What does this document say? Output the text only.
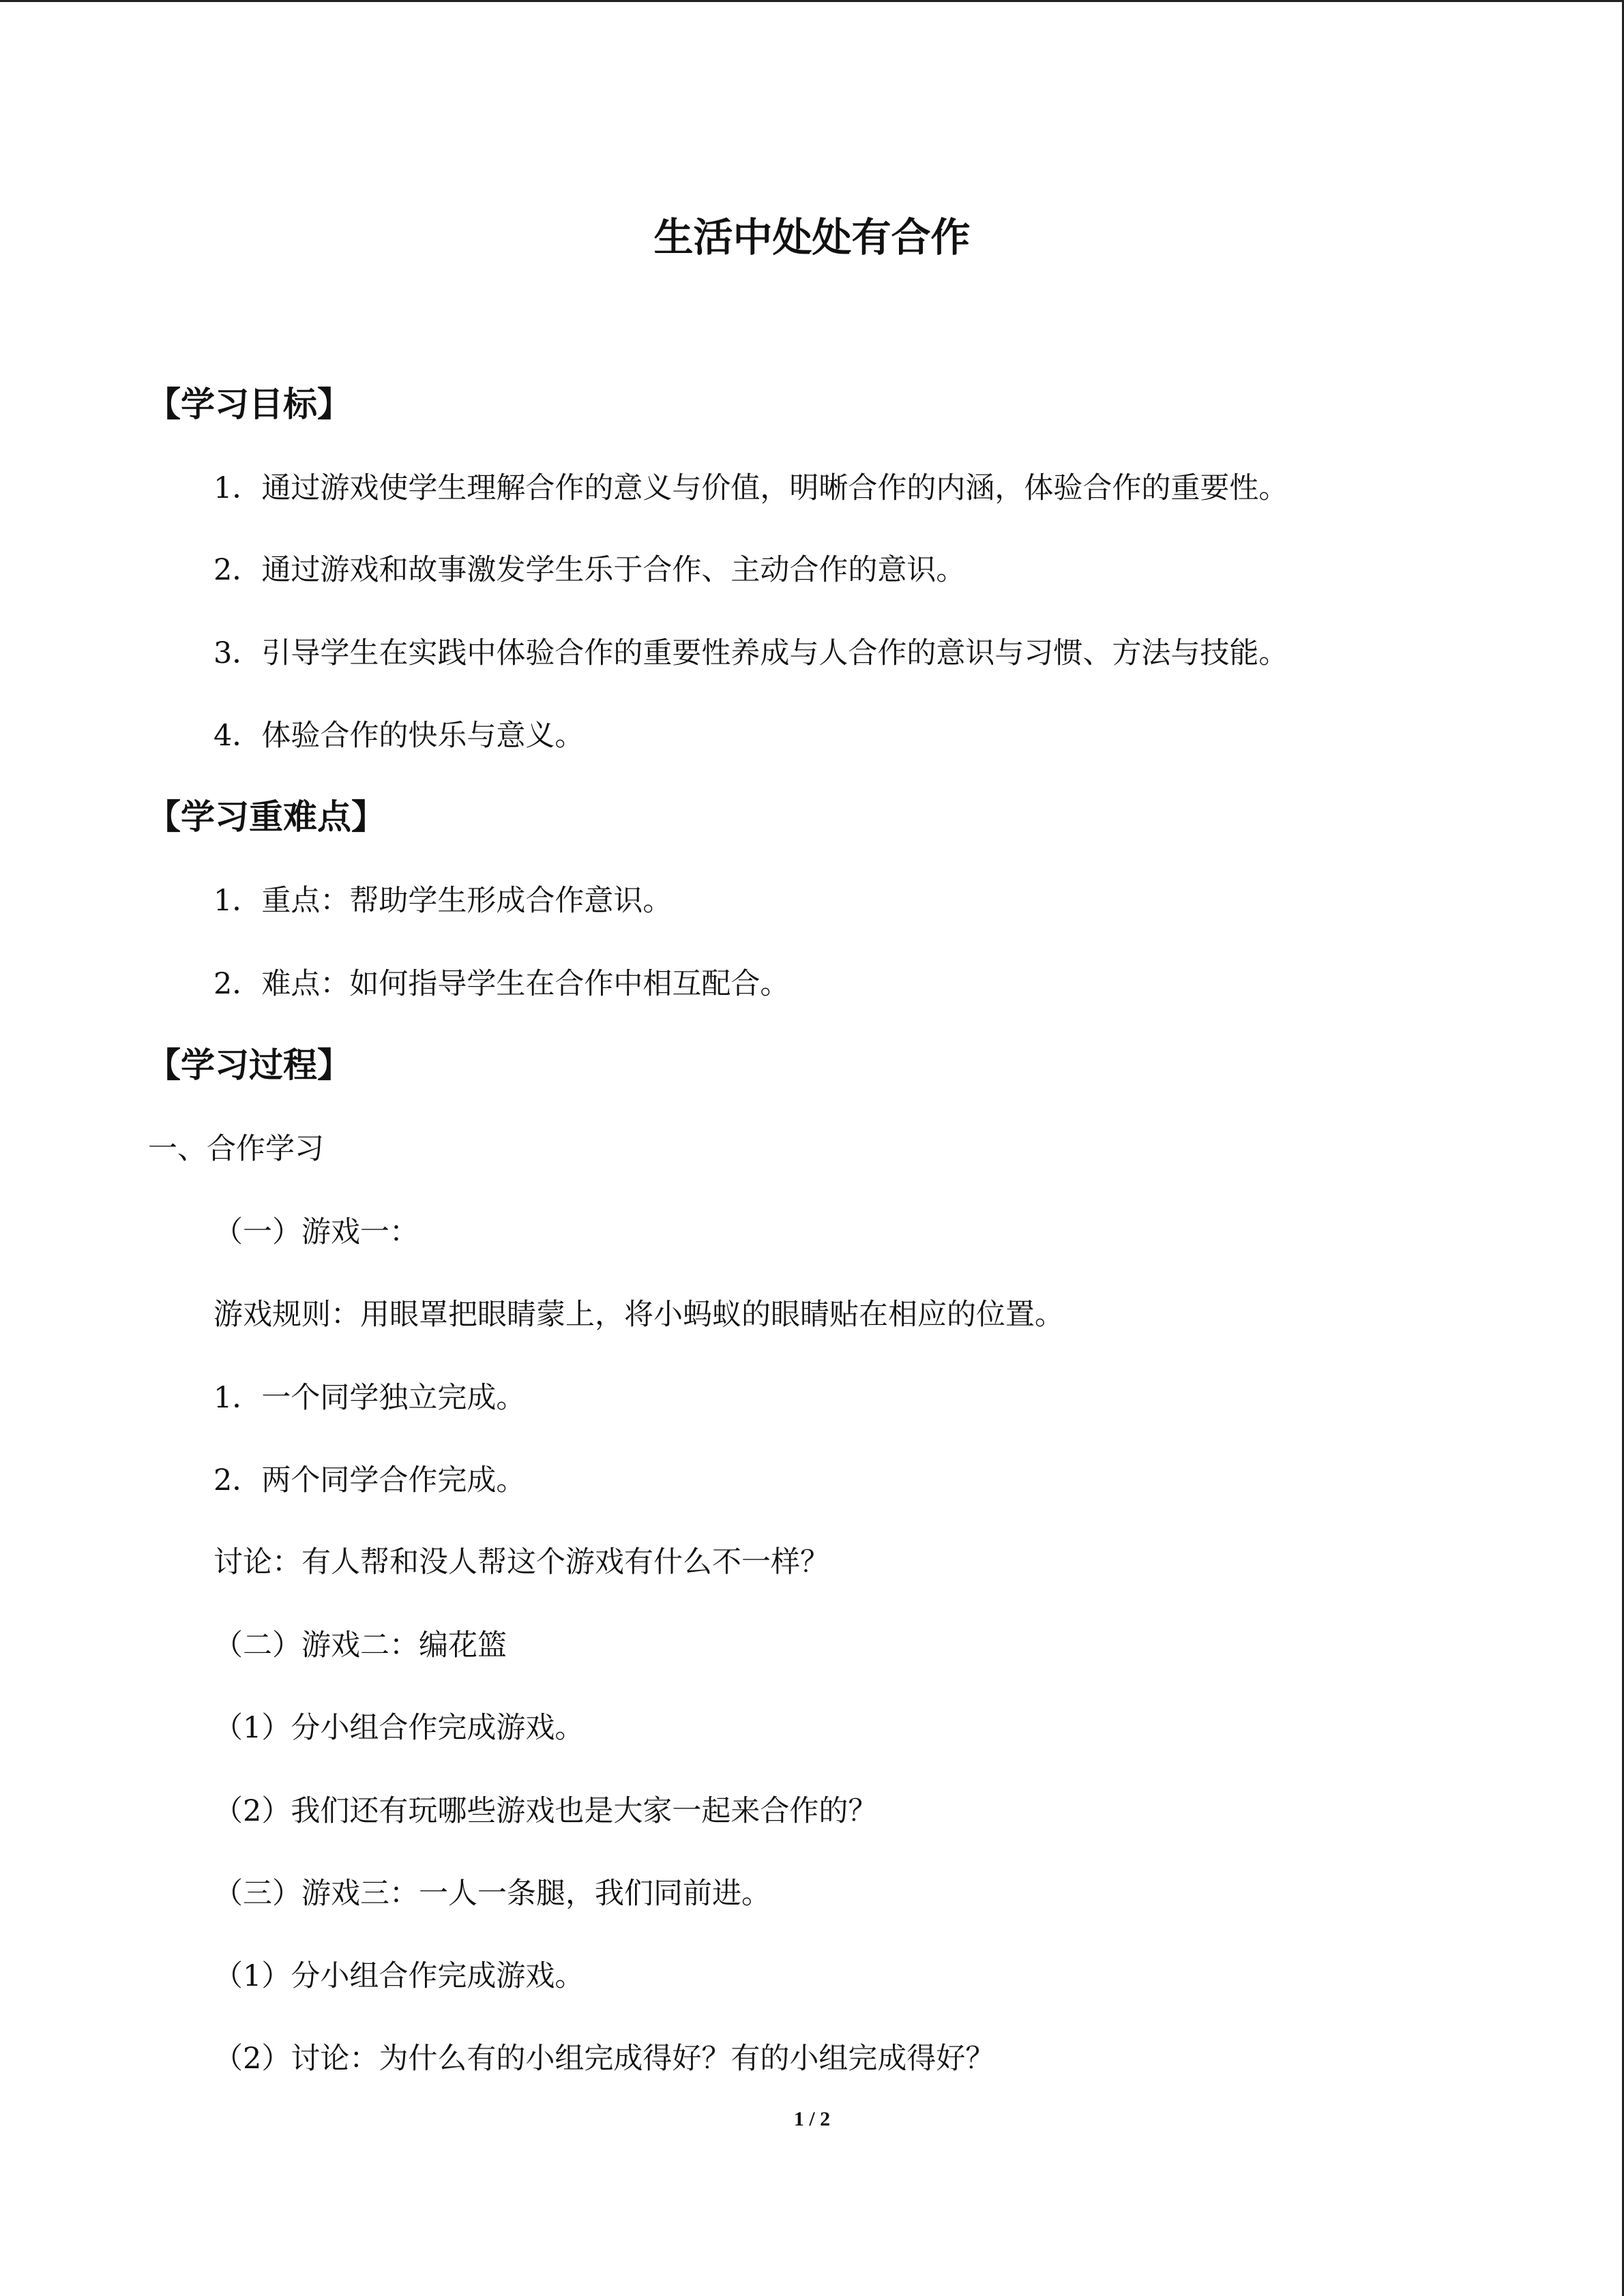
生活中处处有合作
【学习目标】

1．通过游戏使学生理解合作的意义与价值，明晰合作的内涵，体验合作的重要性。

2．通过游戏和故事激发学生乐于合作、主动合作的意识。

3．引导学生在实践中体验合作的重要性养成与人合作的意识与习惯、方法与技能。

4．体验合作的快乐与意义。

【学习重难点】

1．重点：帮助学生形成合作意识。

2．难点：如何指导学生在合作中相互配合。

【学习过程】

一、合作学习

（一）游戏一：

游戏规则：用眼罩把眼睛蒙上，将小蚂蚁的眼睛贴在相应的位置。

1．一个同学独立完成。

2．两个同学合作完成。

讨论：有人帮和没人帮这个游戏有什么不一样？

（二）游戏二：编花篮

（1）分小组合作完成游戏。

（2）我们还有玩哪些游戏也是大家一起来合作的？

（三）游戏三：一人一条腿，我们同前进。

（1）分小组合作完成游戏。

（2）讨论：为什么有的小组完成得好？有的小组完成得好？

1 / 2
